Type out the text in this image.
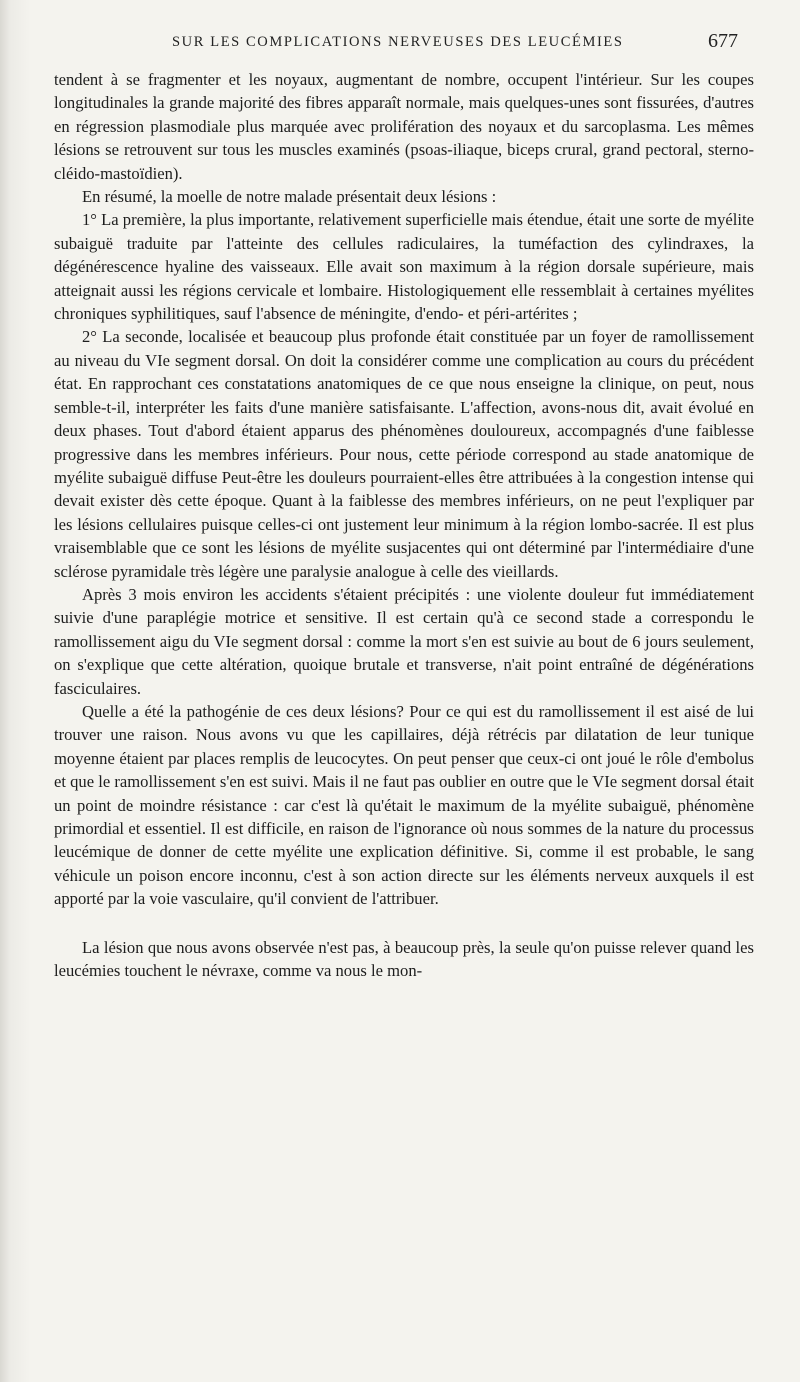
SUR LES COMPLICATIONS NERVEUSES DES LEUCÉMIES	677

tendent à se fragmenter et les noyaux, augmentant de nombre, occupent l'intérieur. Sur les coupes longitudinales la grande majorité des fibres apparaît normale, mais quelques-unes sont fissurées, d'autres en régression plasmodiale plus marquée avec prolifération des noyaux et du sarcoplasma. Les mêmes lésions se retrouvent sur tous les muscles examinés (psoas-iliaque, biceps crural, grand pectoral, sterno-cléido-mastoïdien).

En résumé, la moelle de notre malade présentait deux lésions :

1° La première, la plus importante, relativement superficielle mais étendue, était une sorte de myélite subaiguë traduite par l'atteinte des cellules radiculaires, la tuméfaction des cylindraxes, la dégénérescence hyaline des vaisseaux. Elle avait son maximum à la région dorsale supérieure, mais atteignait aussi les régions cervicale et lombaire. Histologiquement elle ressemblait à certaines myélites chroniques syphilitiques, sauf l'absence de méningite, d'endo- et péri-artérites ;

2° La seconde, localisée et beaucoup plus profonde était constituée par un foyer de ramollissement au niveau du VIe segment dorsal. On doit la considérer comme une complication au cours du précédent état. En rapprochant ces constatations anatomiques de ce que nous enseigne la clinique, on peut, nous semble-t-il, interpréter les faits d'une manière satisfaisante. L'affection, avons-nous dit, avait évolué en deux phases. Tout d'abord étaient apparus des phénomènes douloureux, accompagnés d'une faiblesse progressive dans les membres inférieurs. Pour nous, cette période correspond au stade anatomique de myélite subaiguë diffuse Peut-être les douleurs pourraient-elles être attribuées à la congestion intense qui devait exister dès cette époque. Quant à la faiblesse des membres inférieurs, on ne peut l'expliquer par les lésions cellulaires puisque celles-ci ont justement leur minimum à la région lombo-sacrée. Il est plus vraisemblable que ce sont les lésions de myélite susjacentes qui ont déterminé par l'intermédiaire d'une sclérose pyramidale très légère une paralysie analogue à celle des vieillards.

Après 3 mois environ les accidents s'étaient précipités : une violente douleur fut immédiatement suivie d'une paraplégie motrice et sensitive. Il est certain qu'à ce second stade a correspondu le ramollissement aigu du VIe segment dorsal : comme la mort s'en est suivie au bout de 6 jours seulement, on s'explique que cette altération, quoique brutale et transverse, n'ait point entraîné de dégénérations fasciculaires.

Quelle a été la pathogénie de ces deux lésions? Pour ce qui est du ramollissement il est aisé de lui trouver une raison. Nous avons vu que les capillaires, déjà rétrécis par dilatation de leur tunique moyenne étaient par places remplis de leucocytes. On peut penser que ceux-ci ont joué le rôle d'embolus et que le ramollissement s'en est suivi. Mais il ne faut pas oublier en outre que le VIe segment dorsal était un point de moindre résistance : car c'est là qu'était le maximum de la myélite subaiguë, phénomène primordial et essentiel. Il est difficile, en raison de l'ignorance où nous sommes de la nature du processus leucémique de donner de cette myélite une explication définitive. Si, comme il est probable, le sang véhicule un poison encore inconnu, c'est à son action directe sur les éléments nerveux auxquels il est apporté par la voie vasculaire, qu'il convient de l'attribuer.

La lésion que nous avons observée n'est pas, à beaucoup près, la seule qu'on puisse relever quand les leucémies touchent le névraxe, comme va nous le mon-
